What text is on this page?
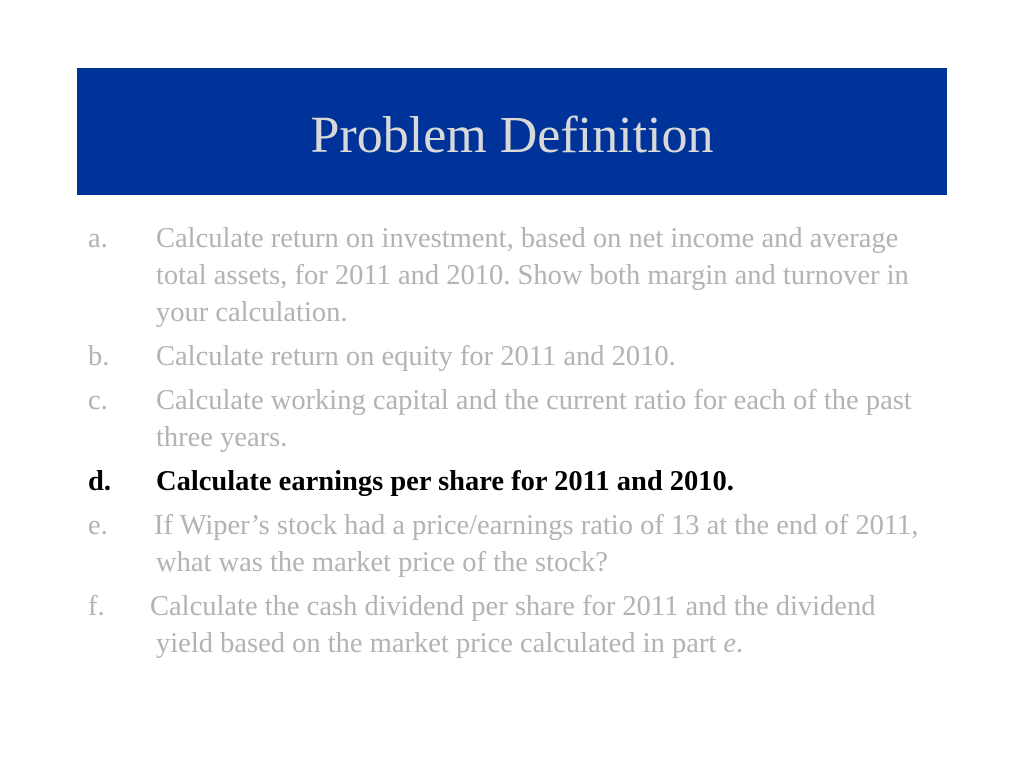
Problem Definition
a. Calculate return on investment, based on net income and average total assets, for 2011 and 2010. Show both margin and turnover in your calculation.
b. Calculate return on equity for 2011 and 2010.
c. Calculate working capital and the current ratio for each of the past three years.
d. Calculate earnings per share for 2011 and 2010.
e. If Wiper’s stock had a price/earnings ratio of 13 at the end of 2011, what was the market price of the stock?
f. Calculate the cash dividend per share for 2011 and the dividend yield based on the market price calculated in part e.
